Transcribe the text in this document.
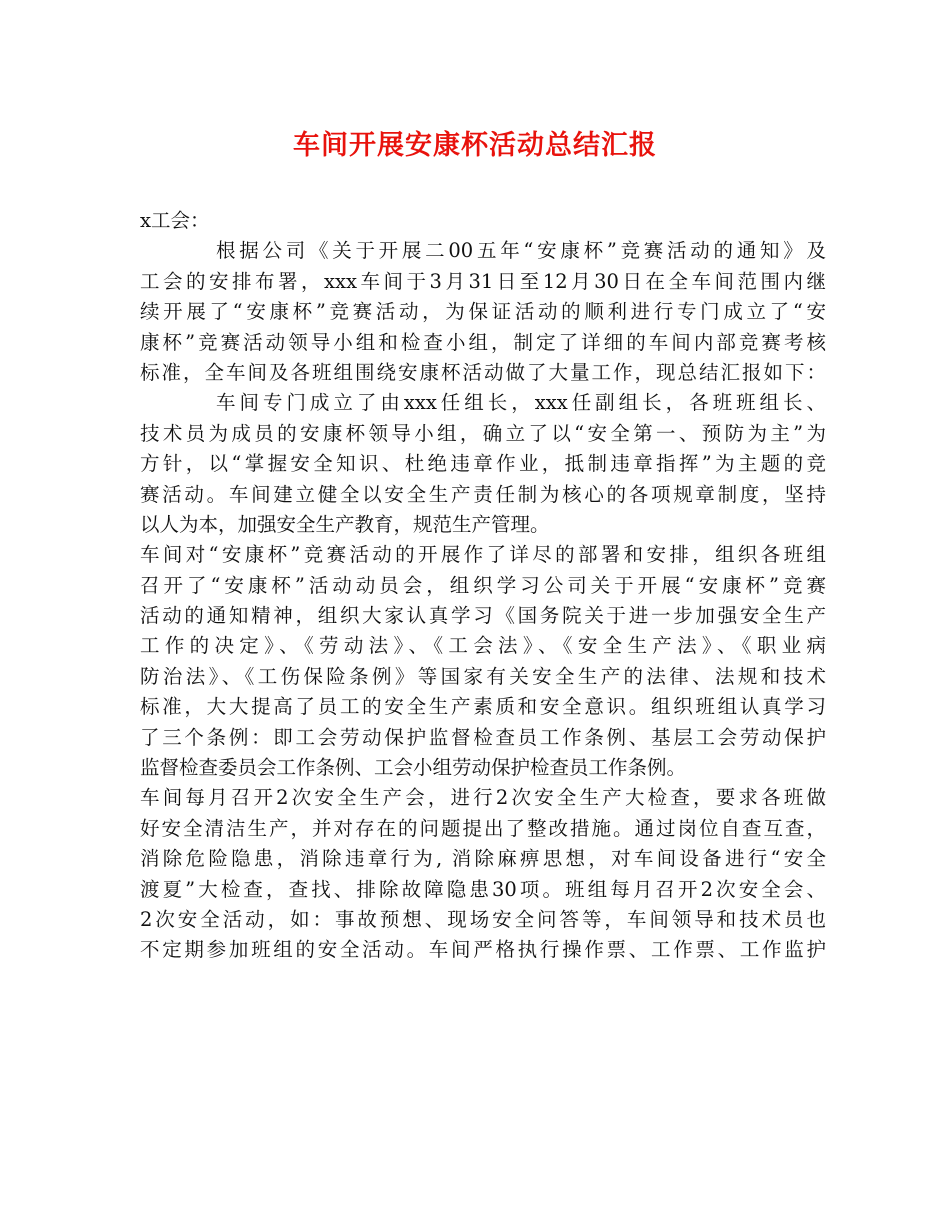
车间开展安康杯活动总结汇报
x工会：
根据公司《关于开展二00五年“安康杯”竞赛活动的通知》及
工会的安排布署，xxx车间于3月31日至12月30日在全车间范围内继
续开展了“安康杯”竞赛活动，为保证活动的顺利进行专门成立了“安
康杯”竞赛活动领导小组和检查小组，制定了详细的车间内部竞赛考核
标准，全车间及各班组围绕安康杯活动做了大量工作，现总结汇报如下：
车间专门成立了由xxx任组长，xxx任副组长，各班班组长、
技术员为成员的安康杯领导小组，确立了以“安全第一、预防为主”为
方针，以“掌握安全知识、杜绝违章作业，抵制违章指挥”为主题的竞
赛活动。车间建立健全以安全生产责任制为核心的各项规章制度，坚持
以人为本，加强安全生产教育，规范生产管理。
车间对“安康杯”竞赛活动的开展作了详尽的部署和安排，组织各班组
召开了“安康杯”活动动员会，组织学习公司关于开展“安康杯”竞赛
活动的通知精神，组织大家认真学习《国务院关于进一步加强安全生产
工作的决定》、《劳动法》、《工会法》、《安全生产法》、《职业病
防治法》、《工伤保险条例》等国家有关安全生产的法律、法规和技术
标准，大大提高了员工的安全生产素质和安全意识。组织班组认真学习
了三个条例：即工会劳动保护监督检查员工作条例、基层工会劳动保护
监督检查委员会工作条例、工会小组劳动保护检查员工作条例。
车间每月召开2次安全生产会，进行2次安全生产大检查，要求各班做
好安全清洁生产，并对存在的问题提出了整改措施。通过岗位自查互查，
消除危险隐患，消除违章行为, 消除麻痹思想，对车间设备进行“安全
渡夏”大检查，查找、排除故障隐患30项。班组每月召开2次安全会、
2次安全活动，如：事故预想、现场安全问答等，车间领导和技术员也
不定期参加班组的安全活动。车间严格执行操作票、工作票、工作监护
